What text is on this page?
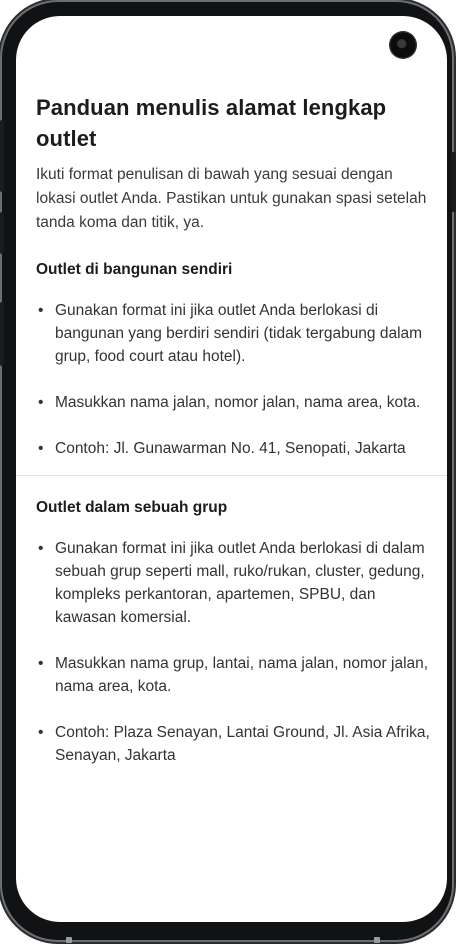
Panduan menulis alamat lengkap outlet

Ikuti format penulisan di bawah yang sesuai dengan lokasi outlet Anda. Pastikan untuk gunakan spasi setelah tanda koma dan titik, ya.

Outlet di bangunan sendiri
• Gunakan format ini jika outlet Anda berlokasi di bangunan yang berdiri sendiri (tidak tergabung dalam grup, food court atau hotel).
• Masukkan nama jalan, nomor jalan, nama area, kota.
• Contoh: Jl. Gunawarman No. 41, Senopati, Jakarta
Outlet dalam sebuah grup
• Gunakan format ini jika outlet Anda berlokasi di dalam sebuah grup seperti mall, ruko/rukan, cluster, gedung, kompleks perkantoran, apartemen, SPBU, dan kawasan komersial.
• Masukkan nama grup, lantai, nama jalan, nomor jalan, nama area, kota.
• Contoh: Plaza Senayan, Lantai Ground, Jl. Asia Afrika, Senayan, Jakarta
